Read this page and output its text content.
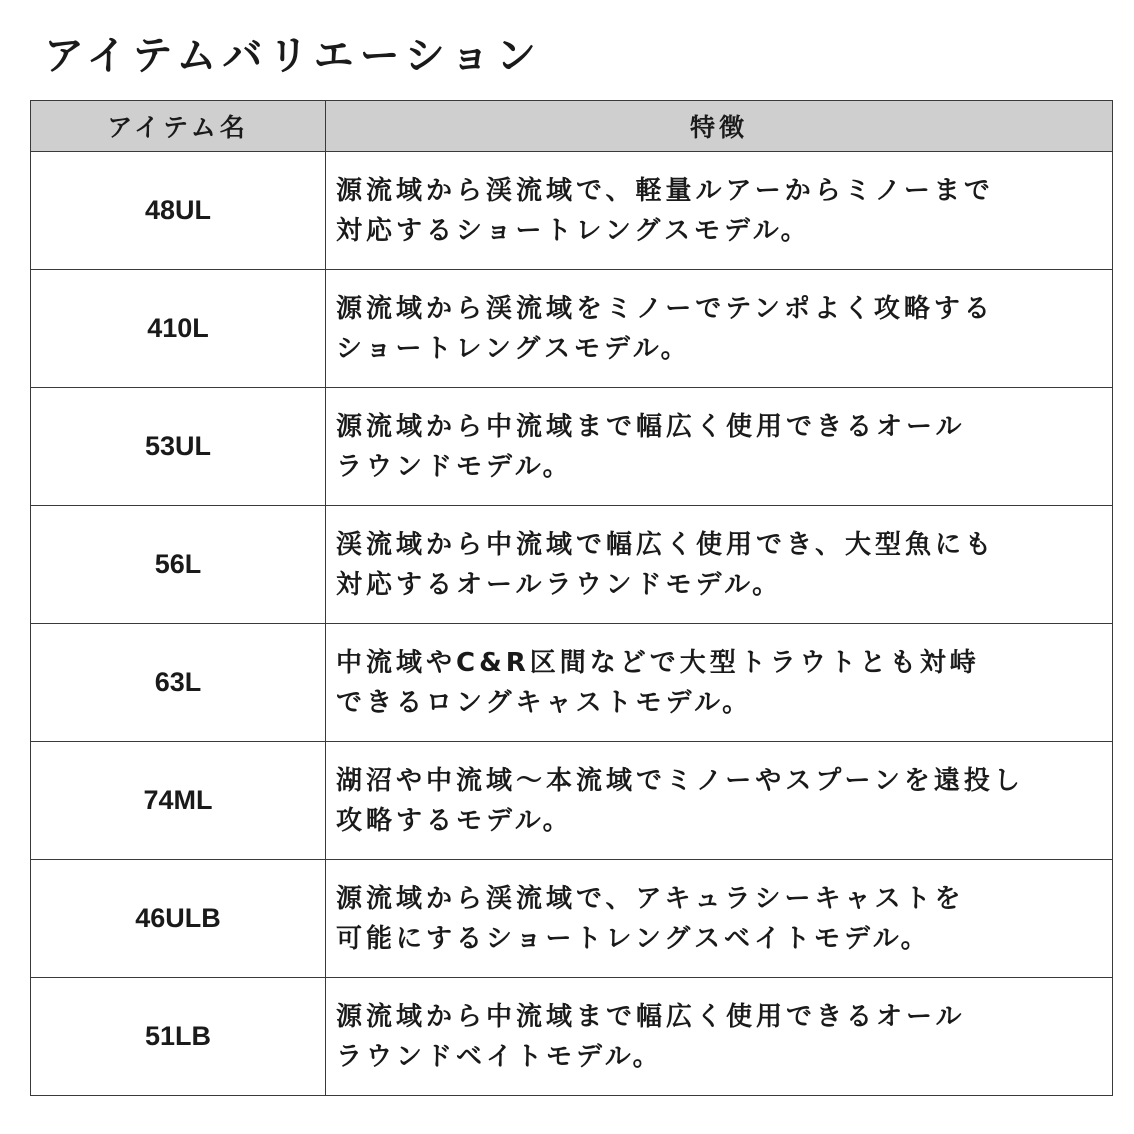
アイテムバリエーション
アイテム名	特徴
48UL	源流域から渓流域で、軽量ルアーからミノーまで
対応するショートレングスモデル。

410L	源流域から渓流域をミノーでテンポよく攻略する
ショートレングスモデル。

53UL	源流域から中流域まで幅広く使用できるオール
ラウンドモデル。

56L	渓流域から中流域で幅広く使用でき、大型魚にも
対応するオールラウンドモデル。

63L	中流域やC&R区間などで大型トラウトとも対峙
できるロングキャストモデル。

74ML	湖沼や中流域～本流域でミノーやスプーンを遠投し
攻略するモデル。

46ULB	源流域から渓流域で、アキュラシーキャストを
可能にするショートレングスベイトモデル。

51LB	源流域から中流域まで幅広く使用できるオール
ラウンドベイトモデル。
